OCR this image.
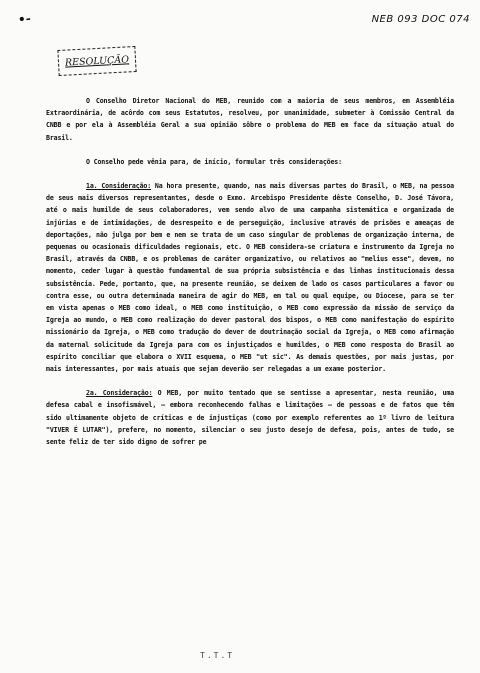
•-	NEB 093 DOC 074
RESOLUÇÃO

O Conselho Diretor Nacional do MEB, reunido com a maioria de seus membros, em Assembléia Extraordinária, de acôrdo com seus Estatutos, resolveu, por unanimidade, submeter à Comissão Central da CNBB e por ela à Assembléia Geral a sua opinião sôbre o problema do MEB em face da situação atual do Brasil.

O Conselho pede vênia para, de início, formular três considerações:

1a. Consideração: Na hora presente, quando, nas mais diversas partes do Brasil, o MEB, na pessoa de seus mais diversos representantes, desde o Exmo. Arcebispo Presidente dêste Conselho, D. José Távora, até o mais humilde de seus colaboradores, vem sendo alvo de uma campanha sistemática e organizada de injúrias e de intimidações, de desrespeito e de perseguição, inclusive através de prisões e ameaças de deportações, não julga por bem e nem se trata de um caso singular de problemas de organização interna, de pequenas ou ocasionais dificuldades regionais, etc. O MEB considera-se criatura e instrumento da Igreja no Brasil, através da CNBB, e os problemas de caráter organizativo, ou relativos ao "melius esse", devem, no momento, ceder lugar à questão fundamental de sua própria subsistência e das linhas institucionais dessa subsistência. Pede, portanto, que, na presente reunião, se deixem de lado os casos particulares a favor ou contra esse, ou outra determinada maneira de agir do MEB, em tal ou qual equipe, ou Diocese, para se ter em vista apenas o MEB como ideal, o MEB como instituição, o MEB como expressão da missão de serviço da Igreja ao mundo, o MEB como realização do dever pastoral dos bispos, o MEB como manifestação do espírito missionário da Igreja, o MEB como tradução do dever de doutrinação social da Igreja, o MEB como afirmação da maternal solicitude da Igreja para com os injustiçados e humildes, o MEB como resposta do Brasil ao espírito conciliar que elabora o XVII esquema, o MEB "ut sic". As demais questões, por mais justas, por mais interessantes, por mais atuais que sejam deverão ser relegadas a um exame posterior.

2a. Consideração: O MEB, por muito tentado que se sentisse a apresentar, nesta reunião, uma defesa cabal e insofismável, — embora reconhecendo falhas e limitações — de pessoas e de fatos que têm sido ultimamente objeto de críticas e de injustiças (como por exemplo referentes ao 1º livro de leitura "VIVER É LUTAR"), prefere, no momento, silenciar o seu justo desejo de defesa, pois, antes de tudo, se sente feliz de ter sido digno de sofrer pe

T.T.T
